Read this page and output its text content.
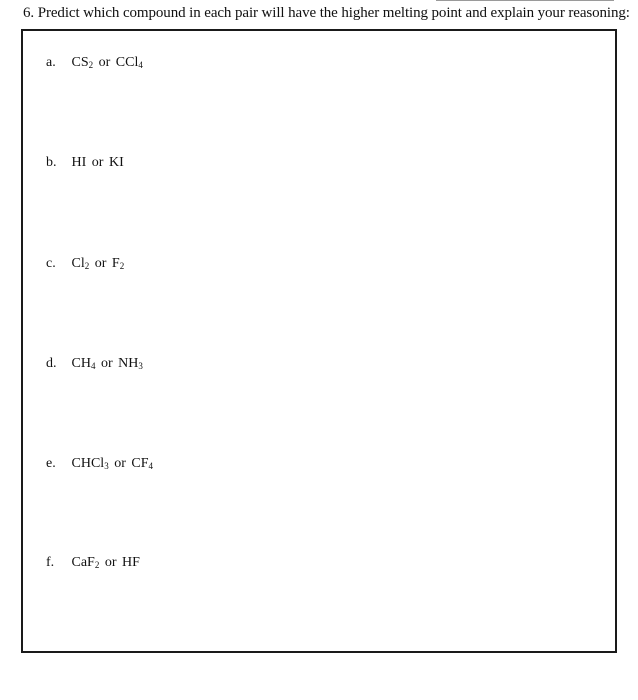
6. Predict which compound in each pair will have the higher melting point and explain your reasoning:
a. $CS_2$ or CCl$_4$
b. HI or KI
c. $Cl_2$ or $F_2$
d. $CH_4$ or $NH_3$
e. CHCl$_3$ or $CF_4$
f. CaF$_2$ or HF
